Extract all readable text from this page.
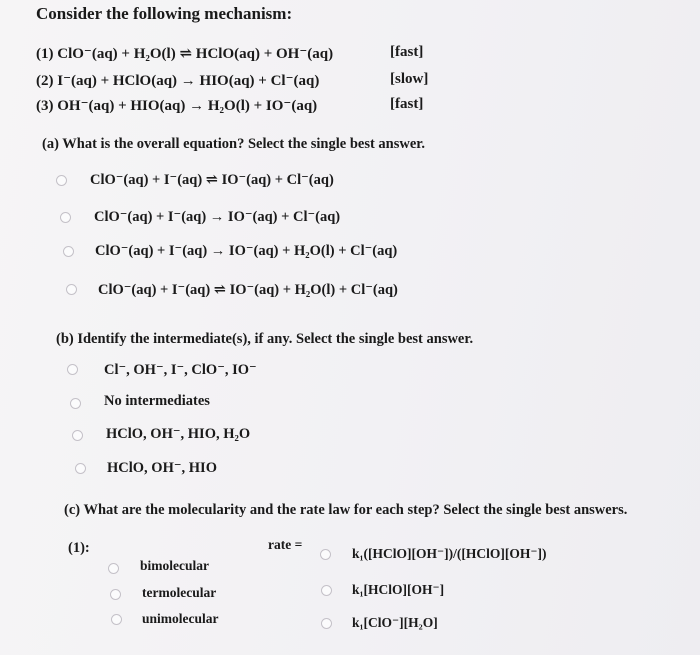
Consider the following mechanism:
(1) ClO⁻(aq) + H₂O(l) ⇌ HClO(aq) + OH⁻(aq)	[fast]
(2) I⁻(aq) + HClO(aq) → HIO(aq) + Cl⁻(aq)	[slow]
(3) OH⁻(aq) + HIO(aq) → H₂O(l) + IO⁻(aq)	[fast]
(a) What is the overall equation? Select the single best answer.
ClO⁻(aq) + I⁻(aq) ⇌ IO⁻(aq) + Cl⁻(aq)
ClO⁻(aq) + I⁻(aq) → IO⁻(aq) + Cl⁻(aq)
ClO⁻(aq) + I⁻(aq) → IO⁻(aq) + H₂O(l) + Cl⁻(aq)
ClO⁻(aq) + I⁻(aq) ⇌ IO⁻(aq) + H₂O(l) + Cl⁻(aq)
(b) Identify the intermediate(s), if any. Select the single best answer.
Cl⁻, OH⁻, I⁻, ClO⁻, IO⁻
No intermediates
HClO, OH⁻, HIO, H₂O
HClO, OH⁻, HIO
(c) What are the molecularity and the rate law for each step? Select the single best answers.
(1):	rate =
bimolecular
termolecular
unimolecular
k₁([HClO][OH⁻])/([HClO][OH⁻])
k₁[HClO][OH⁻]
k₁[ClO⁻][H₂O]
